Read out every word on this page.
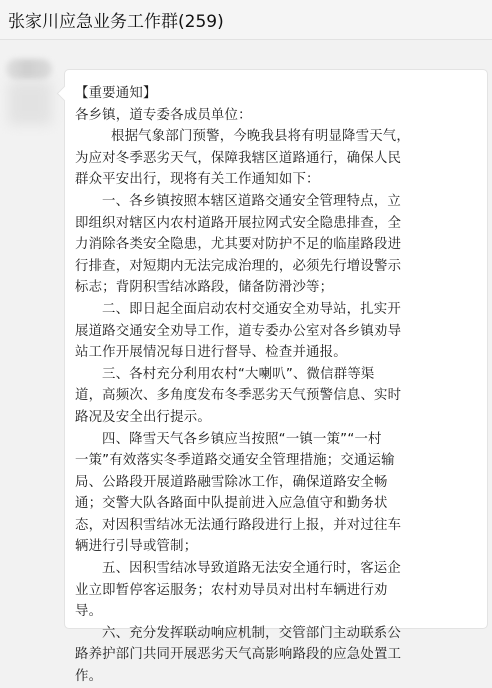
张家川应急业务工作群(259)
【重要通知】
各乡镇，道专委各成员单位：
根据气象部门预警，今晚我县将有明显降雪天气，
为应对冬季恶劣天气，保障我辖区道路通行，确保人民
群众平安出行，现将有关工作通知如下：
一、各乡镇按照本辖区道路交通安全管理特点，立
即组织对辖区内农村道路开展拉网式安全隐患排查，全
力消除各类安全隐患，尤其要对防护不足的临崖路段进
行排查，对短期内无法完成治理的，必须先行增设警示
标志；背阴积雪结冰路段，储备防滑沙等；
二、即日起全面启动农村交通安全劝导站，扎实开
展道路交通安全劝导工作，道专委办公室对各乡镇劝导
站工作开展情况每日进行督导、检查并通报。
三、各村充分利用农村“大喇叭”、微信群等渠
道，高频次、多角度发布冬季恶劣天气预警信息、实时
路况及安全出行提示。
四、降雪天气各乡镇应当按照“一镇一策”“一村
一策”有效落实冬季道路交通安全管理措施；交通运输
局、公路段开展道路融雪除冰工作，确保道路安全畅
通；交警大队各路面中队提前进入应急值守和勤务状
态，对因积雪结冰无法通行路段进行上报，并对过往车
辆进行引导或管制；
五、因积雪结冰导致道路无法安全通行时，客运企
业立即暂停客运服务；农村劝导员对出村车辆进行劝
导。
六、充分发挥联动响应机制，交管部门主动联系公
路养护部门共同开展恶劣天气高影响路段的应急处置工
作。
